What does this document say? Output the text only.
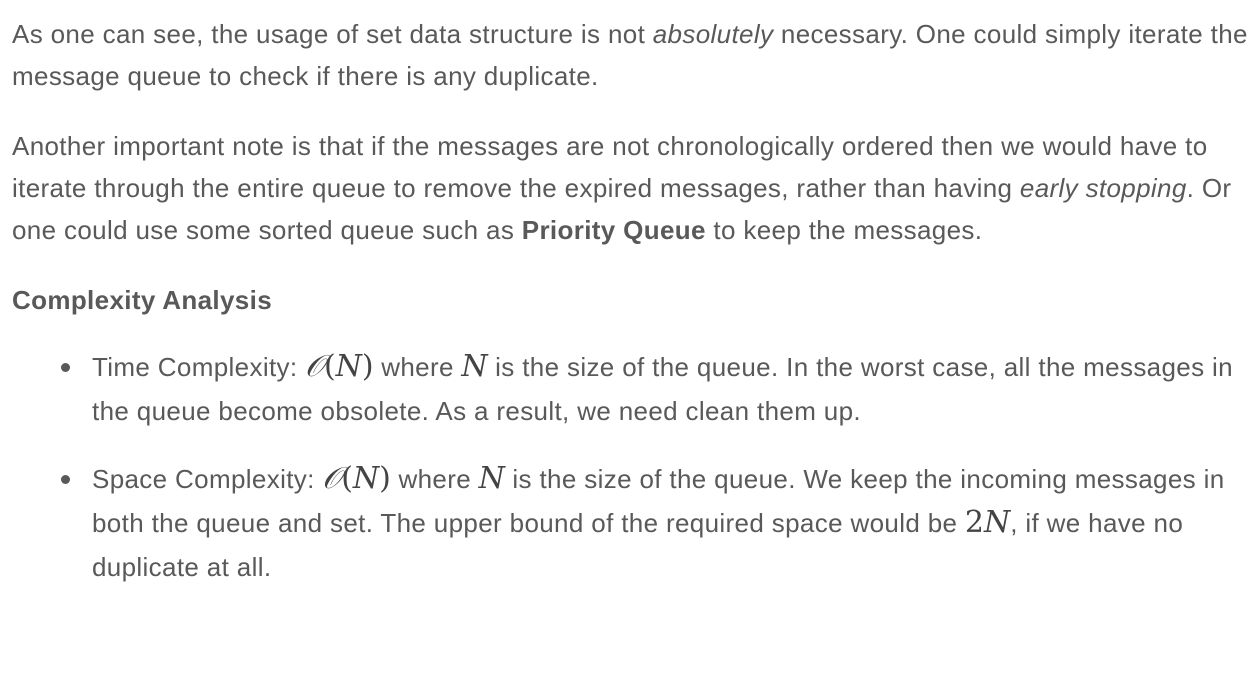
As one can see, the usage of set data structure is not absolutely necessary. One could simply iterate the message queue to check if there is any duplicate.

Another important note is that if the messages are not chronologically ordered then we would have to iterate through the entire queue to remove the expired messages, rather than having early stopping. Or one could use some sorted queue such as Priority Queue to keep the messages.

Complexity Analysis

Time Complexity: 𝒪(N) where N is the size of the queue. In the worst case, all the messages in the queue become obsolete. As a result, we need clean them up.
Space Complexity: 𝒪(N) where N is the size of the queue. We keep the incoming messages in both the queue and set. The upper bound of the required space would be 2N, if we have no duplicate at all.
